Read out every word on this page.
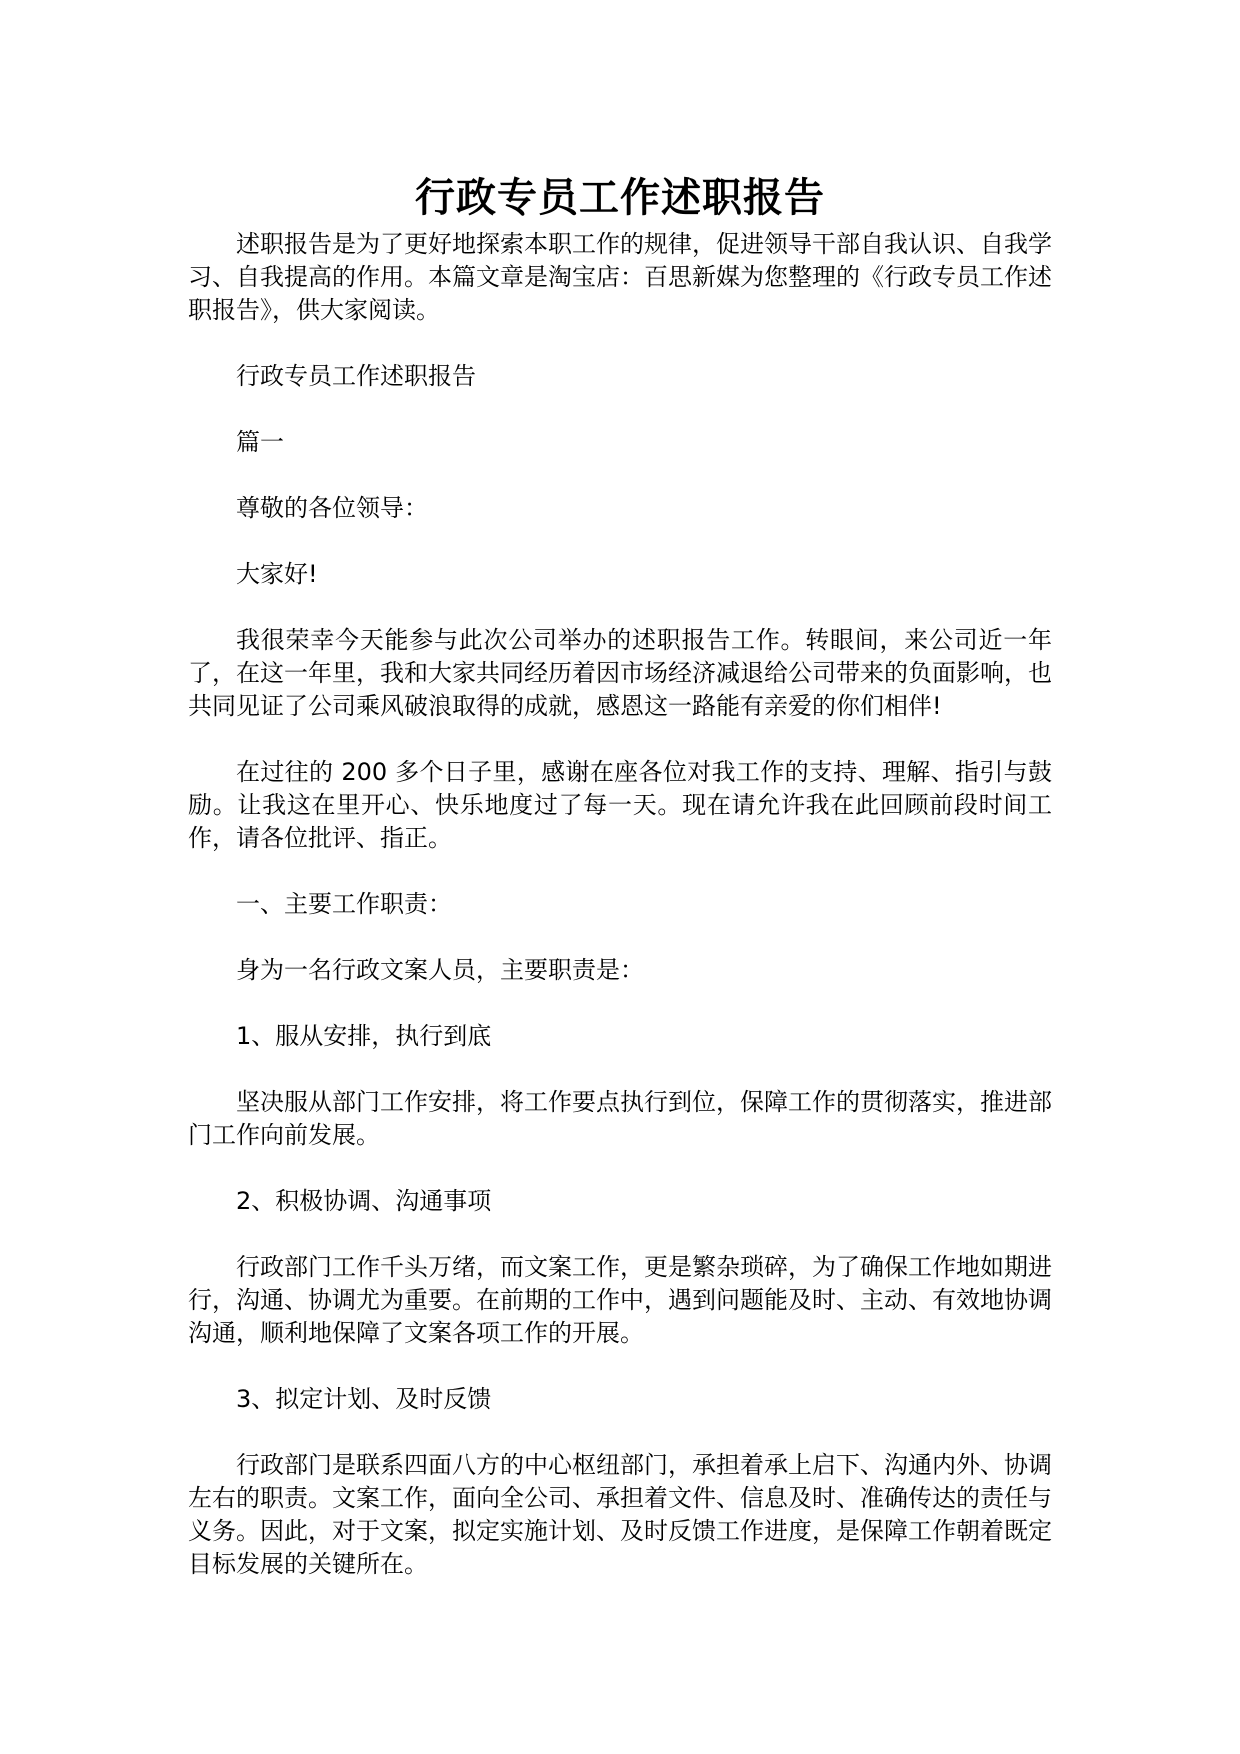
行政专员工作述职报告

述职报告是为了更好地探索本职工作的规律，促进领导干部自我认识、自我学习、自我提高的作用。本篇文章是淘宝店：百思新媒为您整理的《行政专员工作述职报告》，供大家阅读。

行政专员工作述职报告

篇一

尊敬的各位领导：

大家好!

我很荣幸今天能参与此次公司举办的述职报告工作。转眼间，来公司近一年了，在这一年里，我和大家共同经历着因市场经济减退给公司带来的负面影响，也共同见证了公司乘风破浪取得的成就，感恩这一路能有亲爱的你们相伴!

在过往的 200 多个日子里，感谢在座各位对我工作的支持、理解、指引与鼓励。让我这在里开心、快乐地度过了每一天。现在请允许我在此回顾前段时间工作，请各位批评、指正。

一、主要工作职责：

身为一名行政文案人员，主要职责是：

1、服从安排，执行到底

坚决服从部门工作安排，将工作要点执行到位，保障工作的贯彻落实，推进部门工作向前发展。

2、积极协调、沟通事项

行政部门工作千头万绪，而文案工作，更是繁杂琐碎，为了确保工作地如期进行，沟通、协调尤为重要。在前期的工作中，遇到问题能及时、主动、有效地协调沟通，顺利地保障了文案各项工作的开展。

3、拟定计划、及时反馈

行政部门是联系四面八方的中心枢纽部门，承担着承上启下、沟通内外、协调左右的职责。文案工作，面向全公司、承担着文件、信息及时、准确传达的责任与义务。因此，对于文案，拟定实施计划、及时反馈工作进度，是保障工作朝着既定目标发展的关键所在。
